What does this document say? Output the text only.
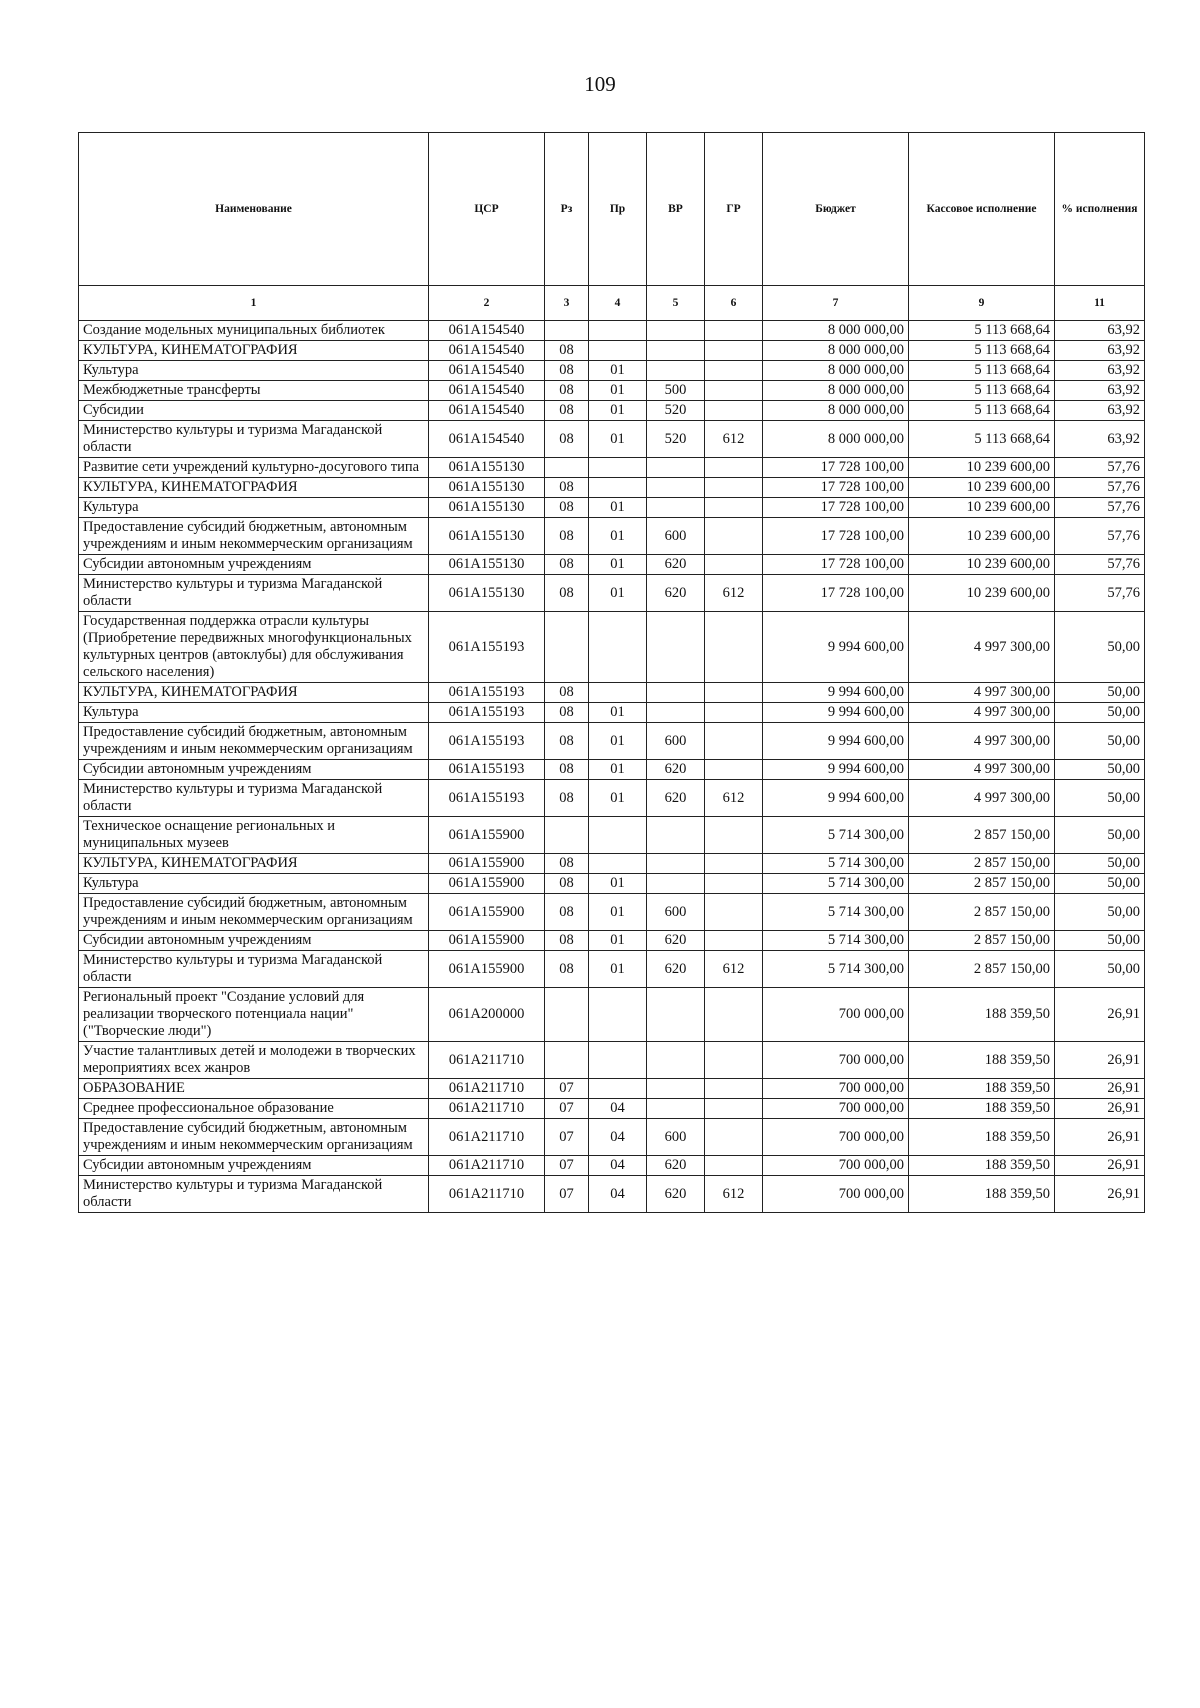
109
Наименование	ЦСР	Рз	Пр	ВР	ГР	Бюджет	Кассовое исполнение	% исполнения
1	2	3	4	5	6	7	9	11
Создание модельных муниципальных библиотек	061A154540					8 000 000,00	5 113 668,64	63,92
КУЛЬТУРА, КИНЕМАТОГРАФИЯ	061A154540	08				8 000 000,00	5 113 668,64	63,92
Культура	061A154540	08	01			8 000 000,00	5 113 668,64	63,92
Межбюджетные трансферты	061A154540	08	01	500		8 000 000,00	5 113 668,64	63,92
Субсидии	061A154540	08	01	520		8 000 000,00	5 113 668,64	63,92
Министерство культуры и туризма Магаданской области	061A154540	08	01	520	612	8 000 000,00	5 113 668,64	63,92
Развитие сети учреждений культурно-досугового типа	061A155130					17 728 100,00	10 239 600,00	57,76
КУЛЬТУРА, КИНЕМАТОГРАФИЯ	061A155130	08				17 728 100,00	10 239 600,00	57,76
Культура	061A155130	08	01			17 728 100,00	10 239 600,00	57,76
Предоставление субсидий бюджетным, автономным учреждениям и иным некоммерческим организациям	061A155130	08	01	600		17 728 100,00	10 239 600,00	57,76
Субсидии автономным учреждениям	061A155130	08	01	620		17 728 100,00	10 239 600,00	57,76
Министерство культуры и туризма Магаданской области	061A155130	08	01	620	612	17 728 100,00	10 239 600,00	57,76
Государственная поддержка отрасли культуры (Приобретение передвижных многофункциональных культурных центров (автоклубы) для обслуживания сельского населения)	061A155193					9 994 600,00	4 997 300,00	50,00
КУЛЬТУРА, КИНЕМАТОГРАФИЯ	061A155193	08				9 994 600,00	4 997 300,00	50,00
Культура	061A155193	08	01			9 994 600,00	4 997 300,00	50,00
Предоставление субсидий бюджетным, автономным учреждениям и иным некоммерческим организациям	061A155193	08	01	600		9 994 600,00	4 997 300,00	50,00
Субсидии автономным учреждениям	061A155193	08	01	620		9 994 600,00	4 997 300,00	50,00
Министерство культуры и туризма Магаданской области	061A155193	08	01	620	612	9 994 600,00	4 997 300,00	50,00
Техническое оснащение региональных и муниципальных музеев	061A155900					5 714 300,00	2 857 150,00	50,00
КУЛЬТУРА, КИНЕМАТОГРАФИЯ	061A155900	08				5 714 300,00	2 857 150,00	50,00
Культура	061A155900	08	01			5 714 300,00	2 857 150,00	50,00
Предоставление субсидий бюджетным, автономным учреждениям и иным некоммерческим организациям	061A155900	08	01	600		5 714 300,00	2 857 150,00	50,00
Субсидии автономным учреждениям	061A155900	08	01	620		5 714 300,00	2 857 150,00	50,00
Министерство культуры и туризма Магаданской области	061A155900	08	01	620	612	5 714 300,00	2 857 150,00	50,00
Региональный проект "Создание условий для реализации творческого потенциала нации" ("Творческие люди")	061A200000					700 000,00	188 359,50	26,91
Участие талантливых детей и молодежи в творческих мероприятиях всех жанров	061A211710					700 000,00	188 359,50	26,91
ОБРАЗОВАНИЕ	061A211710	07				700 000,00	188 359,50	26,91
Среднее профессиональное образование	061A211710	07	04			700 000,00	188 359,50	26,91
Предоставление субсидий бюджетным, автономным учреждениям и иным некоммерческим организациям	061A211710	07	04	600		700 000,00	188 359,50	26,91
Субсидии автономным учреждениям	061A211710	07	04	620		700 000,00	188 359,50	26,91
Министерство культуры и туризма Магаданской области	061A211710	07	04	620	612	700 000,00	188 359,50	26,91
